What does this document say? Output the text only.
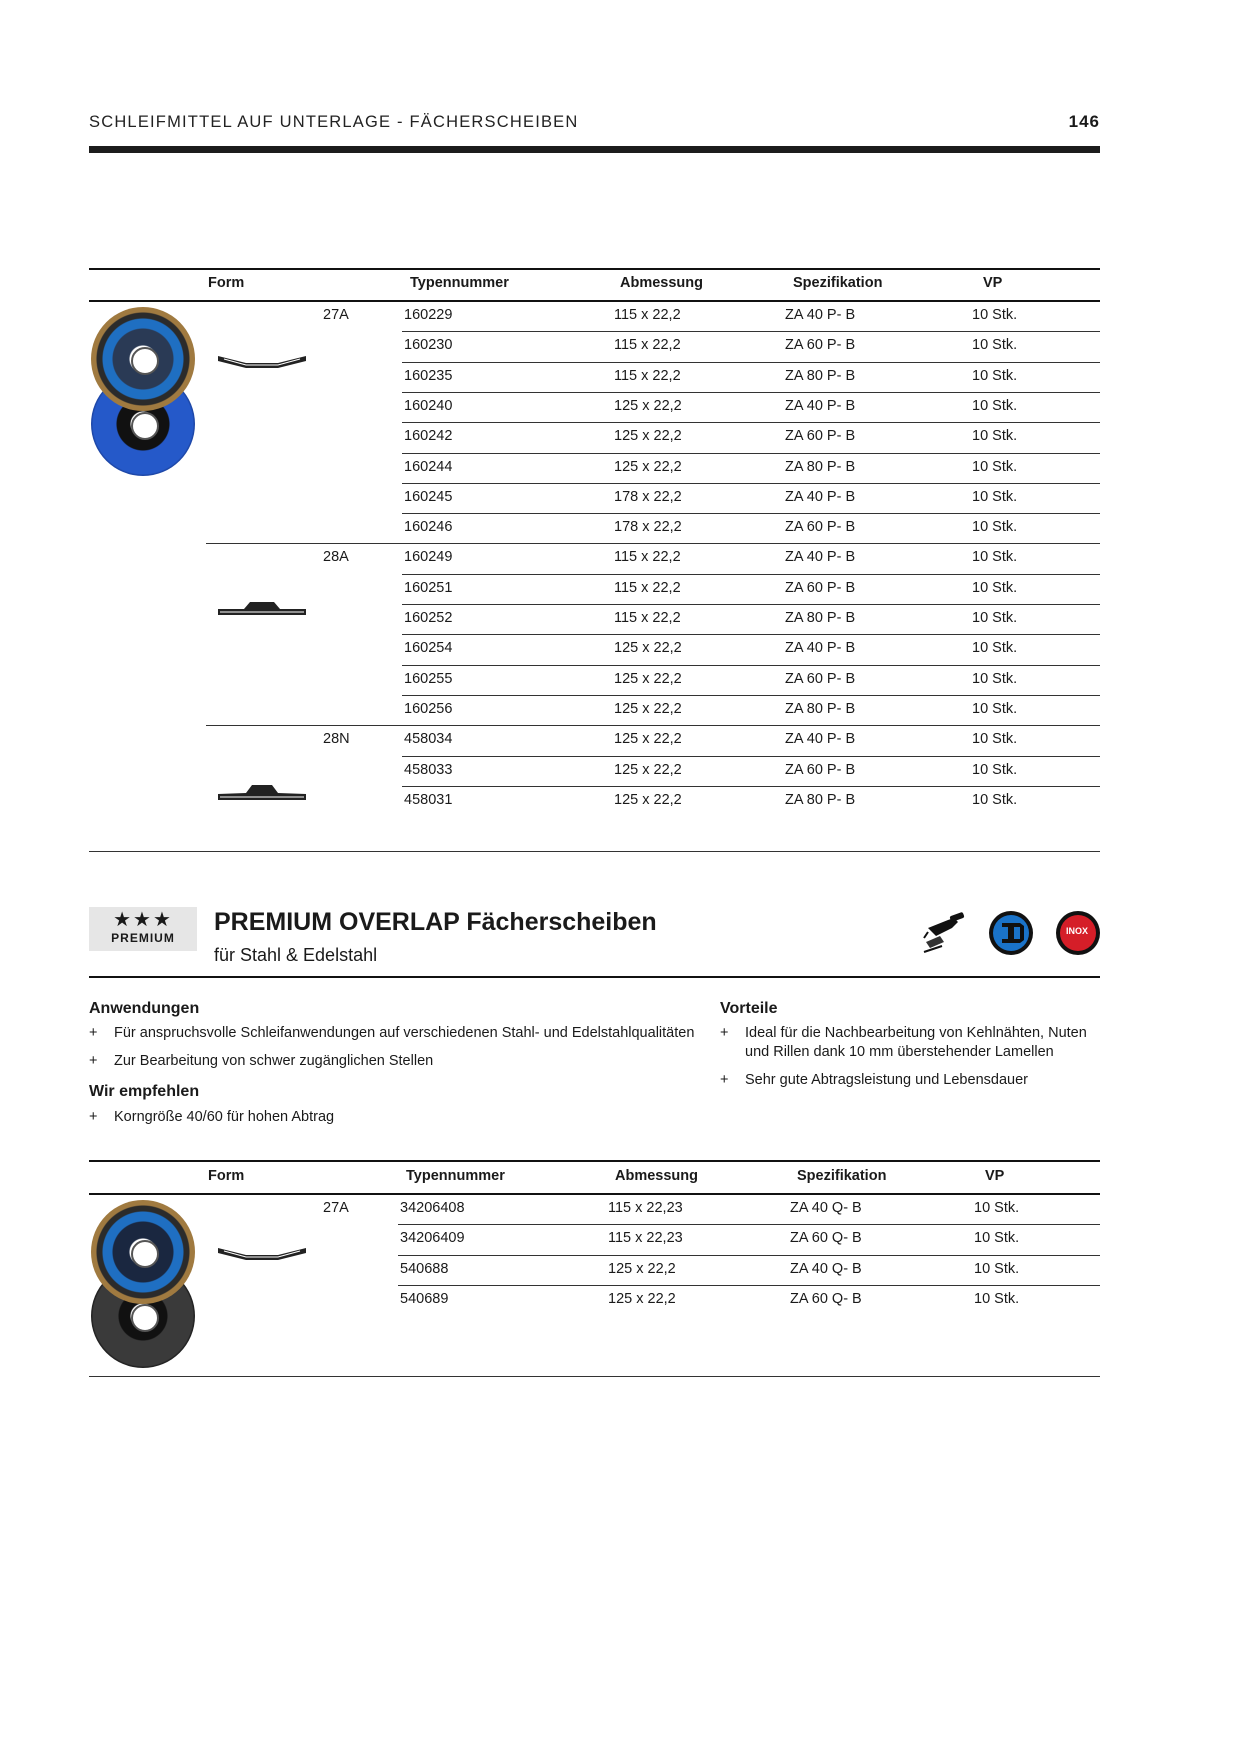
SCHLEIFMITTEL AUF UNTERLAGE - FÄCHERSCHEIBEN	146
Form	Typennummer	Abmessung	Spezifikation	VP
27A	160229	115 x 22,2	ZA 40 P- B	10 Stk.
160230	115 x 22,2	ZA 60 P- B	10 Stk.
160235	115 x 22,2	ZA 80 P- B	10 Stk.
160240	125 x 22,2	ZA 40 P- B	10 Stk.
160242	125 x 22,2	ZA 60 P- B	10 Stk.
160244	125 x 22,2	ZA 80 P- B	10 Stk.
160245	178 x 22,2	ZA 40 P- B	10 Stk.
160246	178 x 22,2	ZA 60 P- B	10 Stk.
28A	160249	115 x 22,2	ZA 40 P- B	10 Stk.
160251	115 x 22,2	ZA 60 P- B	10 Stk.
160252	115 x 22,2	ZA 80 P- B	10 Stk.
160254	125 x 22,2	ZA 40 P- B	10 Stk.
160255	125 x 22,2	ZA 60 P- B	10 Stk.
160256	125 x 22,2	ZA 80 P- B	10 Stk.
28N	458034	125 x 22,2	ZA 40 P- B	10 Stk.
458033	125 x 22,2	ZA 60 P- B	10 Stk.
458031	125 x 22,2	ZA 80 P- B	10 Stk.
★★★
PREMIUM
PREMIUM OVERLAP Fächerscheiben
für Stahl & Edelstahl
INOX
Anwendungen
+ Für anspruchsvolle Schleifanwendungen auf verschiedenen Stahl- und Edelstahlqualitäten
+ Zur Bearbeitung von schwer zugänglichen Stellen
Wir empfehlen
+ Korngröße 40/60 für hohen Abtrag
Vorteile
+ Ideal für die Nachbearbeitung von Kehlnähten, Nuten und Rillen dank 10 mm überstehender Lamellen
+ Sehr gute Abtragsleistung und Lebensdauer
Form	Typennummer	Abmessung	Spezifikation	VP
27A	34206408	115 x 22,23	ZA 40 Q- B	10 Stk.
34206409	115 x 22,23	ZA 60 Q- B	10 Stk.
540688	125 x 22,2	ZA 40 Q- B	10 Stk.
540689	125 x 22,2	ZA 60 Q- B	10 Stk.
